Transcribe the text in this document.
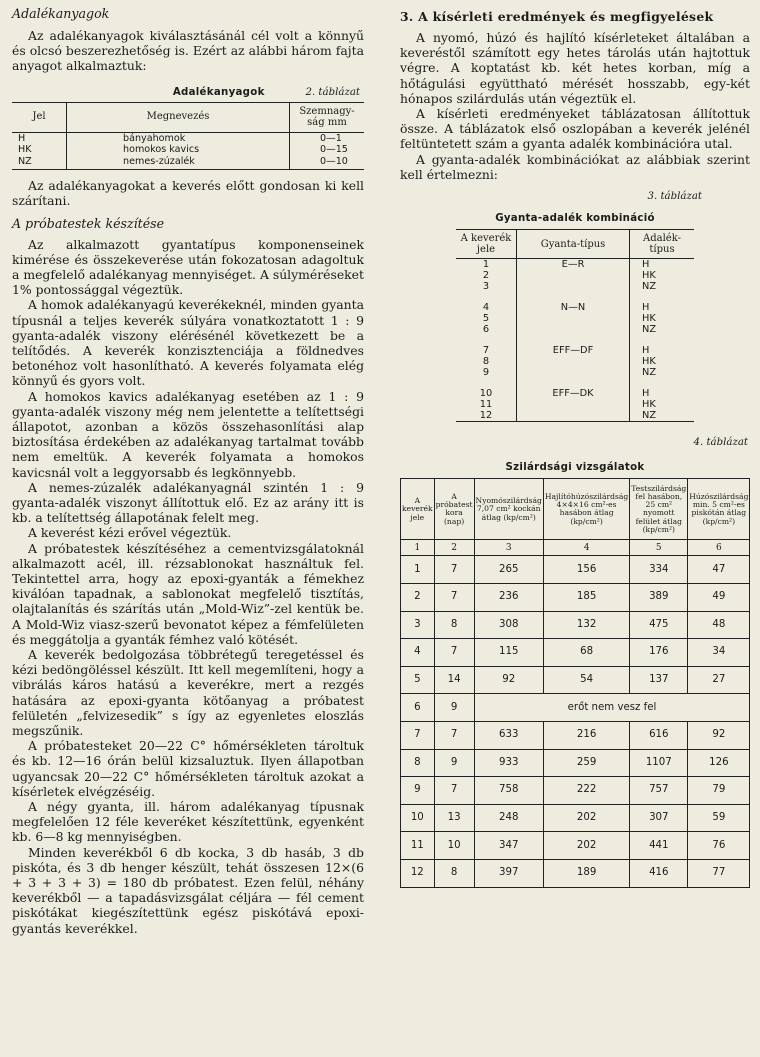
Adalékanyagok

Az adalékanyagok kiválasztásánál cél volt a könnyű és olcsó beszerezhetőség is. Ezért az alábbi három fajta anyagot alkalmaztuk:

Adalékanyagok	2. táblázat
Jel	Megnevezés	Szemnagy-ság mm
H	bányahomok	0—1
HK	homokos kavics	0—15
NZ	nemes-zúzalék	0—10

Az adalékanyagokat a keverés előtt gondosan ki kell szárítani.

A próbatestek készítése

Az alkalmazott gyantatípus komponenseinek kimérése és összekeverése után fokozatosan adagoltuk a megfelelő adalékanyag mennyiséget. A súlyméréseket 1% pontossággal végeztük.

A homok adalékanyagú keverékeknél, minden gyanta típusnál a teljes keverék súlyára vonatkoztatott 1 : 9 gyanta-adalék viszony elérésénél következett be a telítődés. A keverék konzisztenciája a földnedves betonéhoz volt hasonlítható. A keverés folyamata elég könnyű és gyors volt.

A homokos kavics adalékanyag esetében az 1 : 9 gyanta-adalék viszony még nem jelentette a telítettségi állapotot, azonban a közös összehasonlítási alap biztosítása érdekében az adalékanyag tartalmat tovább nem emeltük. A keverék folyamata a homokos kavicsnál volt a leggyorsabb és legkönnyebb.

A nemes-zúzalék adalékanyagnál szintén 1 : 9 gyanta-adalék viszonyt állítottuk elő. Ez az arány itt is kb. a telítettség állapotának felelt meg.

A keverést kézi erővel végeztük.

A próbatestek készítéséhez a cementvizsgálatoknál alkalmazott acél, ill. rézsablonokat használtuk fel. Tekintettel arra, hogy az epoxi-gyanták a fémekhez kiválóan tapadnak, a sablonokat megfelelő tisztítás, olajtalanítás és szárítás után „Mold-Wiz”-zel kentük be. A Mold-Wiz viasz-szerű bevonatot képez a fémfelületen és meggátolja a gyanták fémhez való kötését.

A keverék bedolgozása többrétegű teregetéssel és kézi bedöngöléssel készült. Itt kell megemlíteni, hogy a vibrálás káros hatású a keverékre, mert a rezgés hatására az epoxi-gyanta kötőanyag a próbatest felületén „felvizesedik” s így az egyenletes eloszlás megszűnik.

A próbatesteket 20—22 C° hőmérsékleten tároltuk és kb. 12—16 órán belül kizsaluztuk. Ilyen állapotban ugyancsak 20—22 C° hőmérsékleten tároltuk azokat a kísérletek elvégzéséig.

A négy gyanta, ill. három adalékanyag típusnak megfelelően 12 féle keveréket készítettünk, egyenként kb. 6—8 kg mennyiségben.

Minden keverékből 6 db kocka, 3 db hasáb, 3 db piskóta, és 3 db henger készült, tehát összesen 12×(6 + 3 + 3 + 3) = 180 db próbatest. Ezen felül, néhány keverékből — a tapadásvizsgálat céljára — fél cement piskótákat kiegészítettünk egész piskótává epoxi-gyantás keverékkel.

3. A kísérleti eredmények és megfigyelések

A nyomó, húzó és hajlító kísérleteket általában a keveréstől számított egy hetes tárolás után hajtottuk végre. A koptatást kb. két hetes korban, míg a hőtágulási együttható mérését hosszabb, egy-két hónapos szilárdulás után végeztük el.

A kísérleti eredményeket táblázatosan állítottuk össze. A táblázatok első oszlopában a keverék jelénél feltüntetett szám a gyanta adalék kombinációra utal.

A gyanta-adalék kombinációkat az alábbiak szerint kell értelmezni:

3. táblázat
Gyanta-adalék kombináció
A keverék jele	Gyanta-típus	Adalék-típus
1	E—R	H
2		HK
3		NZ

4	N—N	H
5		HK
6		NZ

7	EFF—DF	H
8		HK
9		NZ

10	EFF—DK	H
11		HK
12		NZ
4. táblázat
Szilárdsági vizsgálatok
A keverék jele	A próbatest kora (nap)	Nyomószilárdság 7,07 cm² kockán átlag (kp/cm²)	Hajlítóhúzószilárdság 4×4×16 cm²-es hasábon átlag (kp/cm²)	Testszilárdság fel hasábon, 25 cm² nyomott felület átlag (kp/cm²)	Húzószilárdság min. 5 cm²-es piskótán átlag (kp/cm²)
1	2	3	4	5	6
1	7	265	156	334	47
2	7	236	185	389	49
3	8	308	132	475	48
4	7	115	68	176	34
5	14	92	54	137	27
6	9	erőt nem vesz fel			
7	7	633	216	616	92
8	9	933	259	1107	126
9	7	758	222	757	79
10	13	248	202	307	59
11	10	347	202	441	76
12	8	397	189	416	77
